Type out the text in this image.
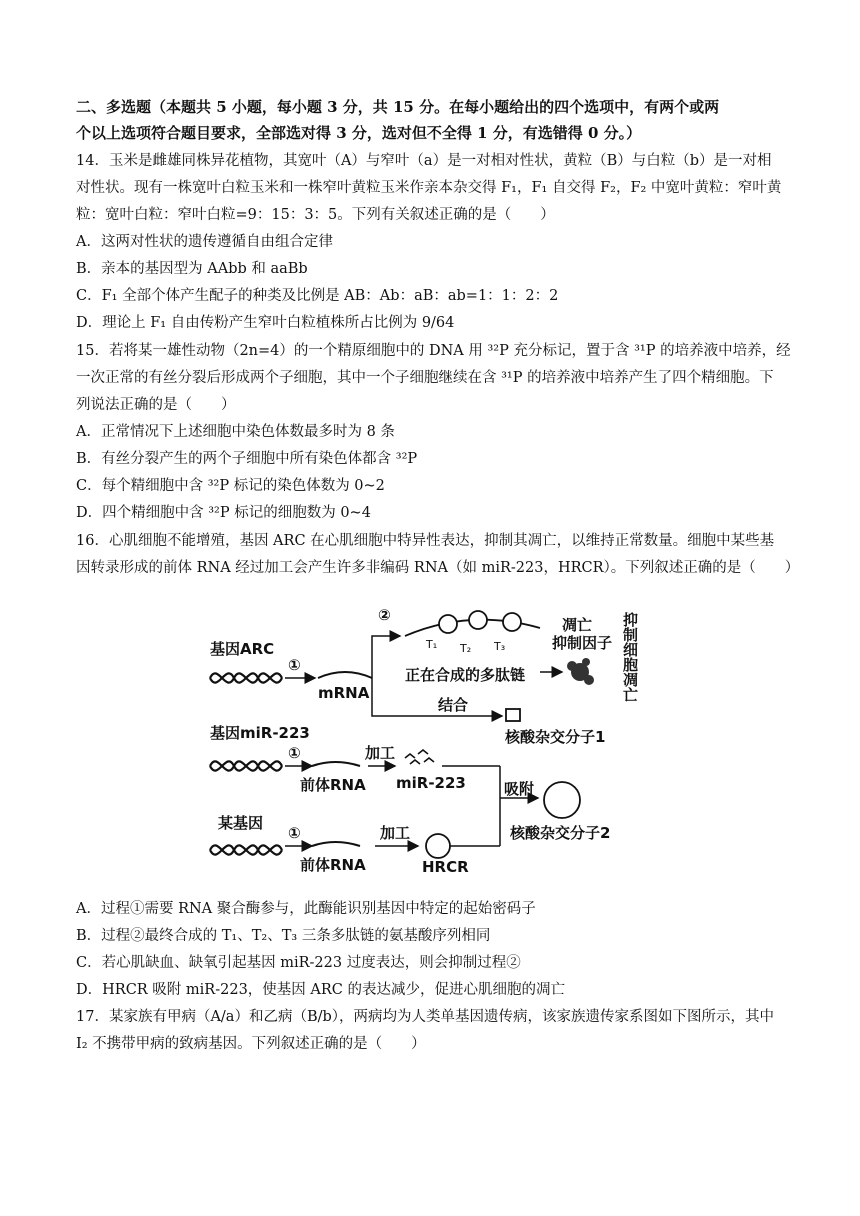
二、多选题（本题共 5 小题，每小题 3 分，共 15 分。在每小题给出的四个选项中，有两个或两
个以上选项符合题目要求，全部选对得 3 分，选对但不全得 1 分，有选错得 0 分。）
14．玉米是雌雄同株异花植物，其宽叶（A）与窄叶（a）是一对相对性状，黄粒（B）与白粒（b）是一对相
对性状。现有一株宽叶白粒玉米和一株窄叶黄粒玉米作亲本杂交得 F₁，F₁ 自交得 F₂，F₂ 中宽叶黄粒：窄叶黄
粒：宽叶白粒：窄叶白粒=9：15：3：5。下列有关叙述正确的是（　　）
A．这两对性状的遗传遵循自由组合定律
B．亲本的基因型为 AAbb 和 aaBb
C．F₁ 全部个体产生配子的种类及比例是 AB：Ab：aB：ab=1：1：2：2
D．理论上 F₁ 自由传粉产生窄叶白粒植株所占比例为 9/64
15．若将某一雄性动物（2n=4）的一个精原细胞中的 DNA 用 ³²P 充分标记，置于含 ³¹P 的培养液中培养，经
一次正常的有丝分裂后形成两个子细胞，其中一个子细胞继续在含 ³¹P 的培养液中培养产生了四个精细胞。下
列说法正确的是（　　）
A．正常情况下上述细胞中染色体数最多时为 8 条
B．有丝分裂产生的两个子细胞中所有染色体都含 ³²P
C．每个精细胞中含 ³²P 标记的染色体数为 0~2
D．四个精细胞中含 ³²P 标记的细胞数为 0~4
16．心肌细胞不能增殖，基因 ARC 在心肌细胞中特异性表达，抑制其凋亡，以维持正常数量。细胞中某些基
因转录形成的前体 RNA 经过加工会产生许多非编码 RNA（如 miR-223，HRCR）。下列叙述正确的是（　　）
基因ARC
①
mRNA
②
T₁ T₂ T₃
正在合成的多肽链
凋亡
抑制因子 抑制细胞凋亡
结合
核酸杂交分子1
基因miR-223
①
前体RNA
加工
miR-223	吸附
核酸杂交分子2
某基因
①
前体RNA
加工
HRCR
A．过程①需要 RNA 聚合酶参与，此酶能识别基因中特定的起始密码子
B．过程②最终合成的 T₁、T₂、T₃ 三条多肽链的氨基酸序列相同
C．若心肌缺血、缺氧引起基因 miR-223 过度表达，则会抑制过程②
D．HRCR 吸附 miR-223，使基因 ARC 的表达减少，促进心肌细胞的凋亡
17．某家族有甲病（A/a）和乙病（B/b），两病均为人类单基因遗传病，该家族遗传家系图如下图所示，其中
I₂ 不携带甲病的致病基因。下列叙述正确的是（　　）
